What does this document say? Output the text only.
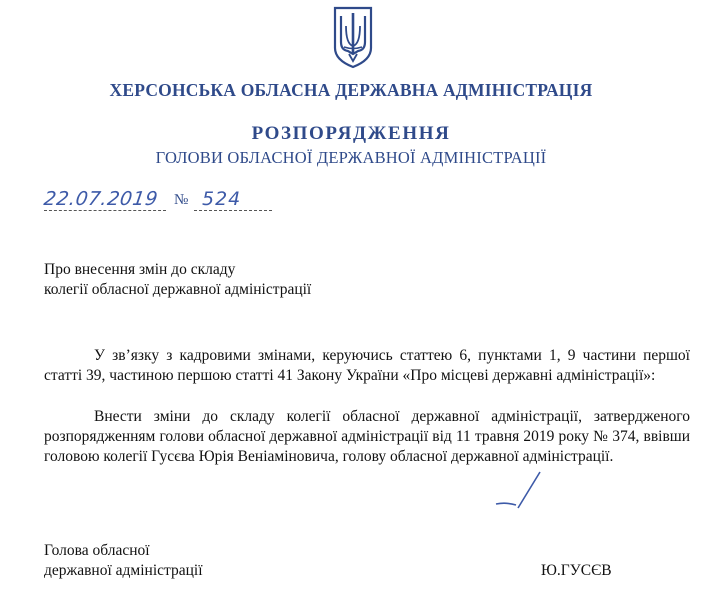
ХЕРСОНСЬКА ОБЛАСНА ДЕРЖАВНА АДМІНІСТРАЦІЯ
РОЗПОРЯДЖЕННЯ
ГОЛОВИ ОБЛАСНОЇ ДЕРЖАВНОЇ АДМІНІСТРАЦІЇ
22.07.2019 № 524
Про внесення змін до складу
колегії обласної державної адміністрації

У зв’язку з кадровими змінами, керуючись статтею 6, пунктами 1, 9 частини першої статті 39, частиною першою статті 41 Закону України «Про місцеві державні адміністрації»:

Внести зміни до складу колегії обласної державної адміністрації, затвердженого розпорядженням голови обласної державної адміністрації від 11 травня 2019 року № 374, ввівши головою колегії Гусєва Юрія Веніаміновича, голову обласної державної адміністрації.

Голова обласної
державної адміністрації	Ю.ГУСЄВ
